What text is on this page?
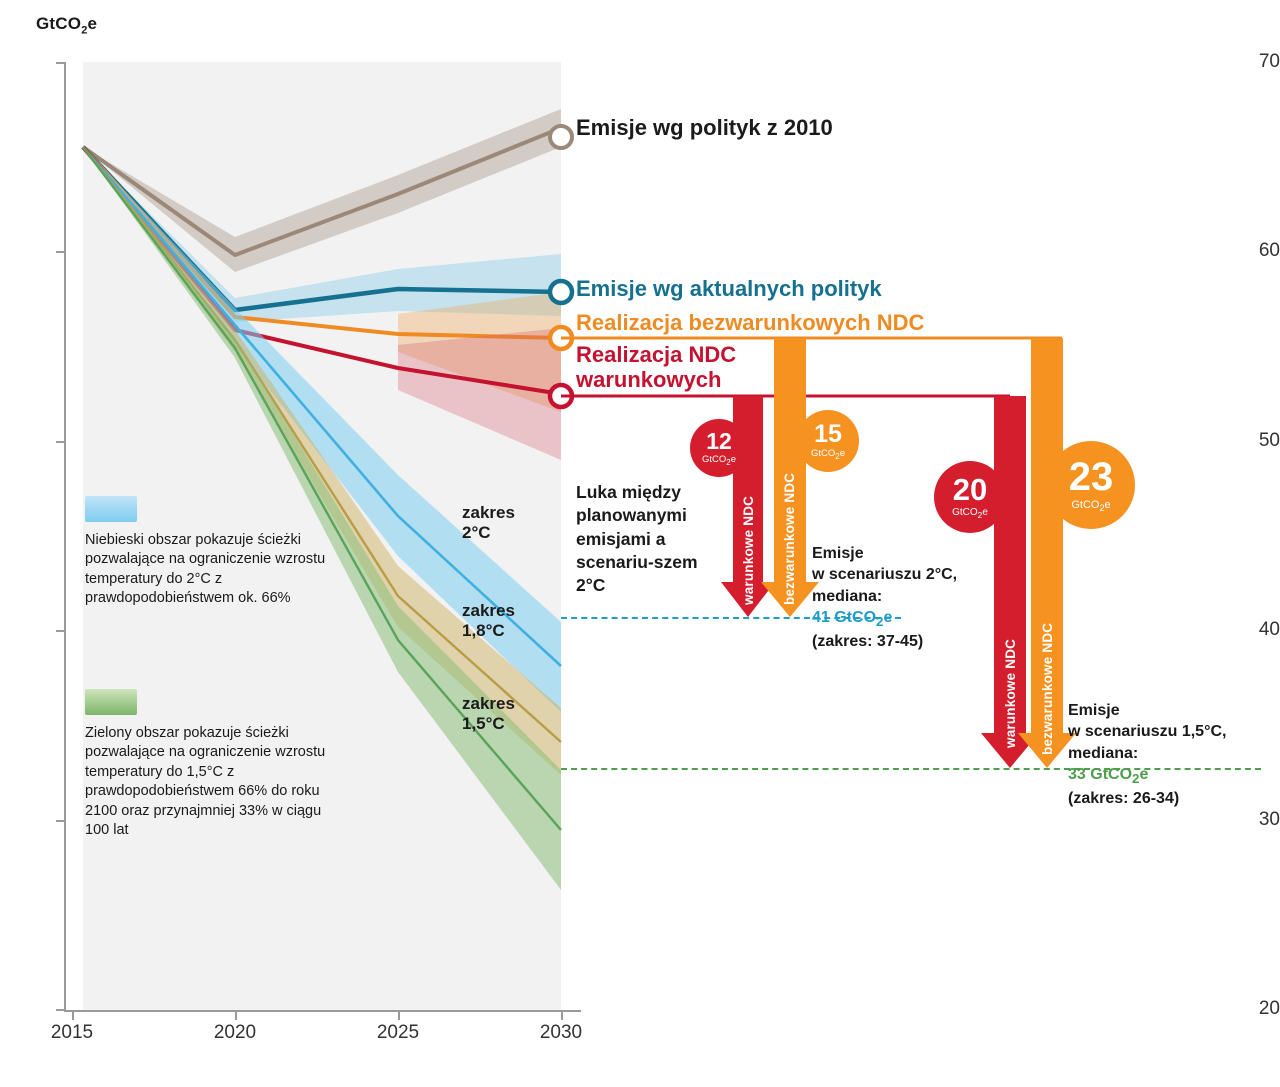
GtCO$_2$e
70
60
50
40
30
20
2015	2020	2025	2030
Emisje wg polityk z 2010
Emisje wg aktualnych polityk
Realizacja bezwarunkowych NDC
Realizacja NDC
warunkowych
zakres
2°C
zakres
1,8°C
zakres
1,5°C
Niebieski obszar pokazuje ścieżki pozwalające na ograniczenie wzrostu temperatury do 2°C z prawdopodobieństwem ok. 66%
Zielony obszar pokazuje ścieżki pozwalające na ograniczenie wzrostu temperatury do 1,5°C z prawdopodobieństwem 66% do roku 2100 oraz przynajmniej 33% w ciągu 100 lat
Luka między planowanymi emisjami a scenariu-szem 2°C	warunkowe NDC bezwarunkowe NDC
warunkowe NDC bezwarunkowe NDC
12
GtCO$_2$e
15
GtCO$_2$e
20
GtCO$_2$e
23
GtCO$_2$e
Emisje
w scenariuszu 2°C,
mediana:
41 GtCO$_2$e
(zakres: 37-45)
Emisje
w scenariuszu 1,5°C,
mediana:
33 GtCO$_2$e
(zakres: 26-34)
